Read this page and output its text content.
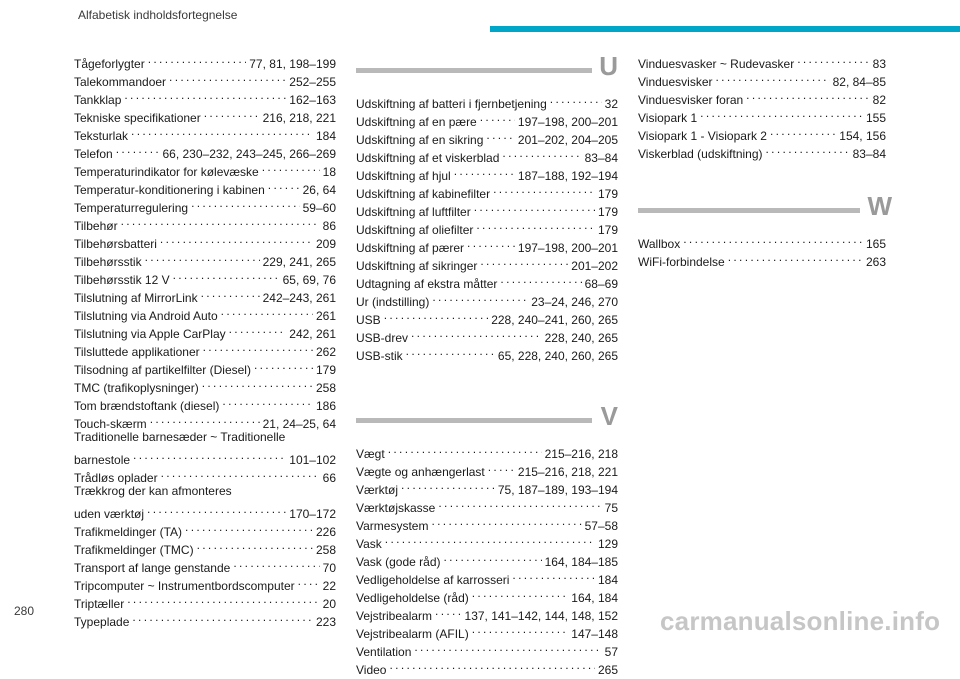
Alfabetisk indholdsfortegnelse
Tågeforlygter . . .	77, 81, 198–199
Talekommandoer . . .	252–255
Tankklap . . .	162–163
Tekniske specifikationer . . .	216, 218, 221
Teksturlak . . .	184
Telefon . . .	66, 230–232, 243–245, 266–269
Temperaturindikator for kølevæske . . .	18
Temperatur-konditionering i kabinen . . .	26, 64
Temperaturregulering . . .	59–60
Tilbehør . . .	86
Tilbehørsbatteri . . .	209
Tilbehørsstik . . .	229, 241, 265
Tilbehørsstik 12 V . . .	65, 69, 76
Tilslutning af MirrorLink . . .	242–243, 261
Tilslutning via Android Auto . . .	261
Tilslutning via Apple CarPlay . . .	242, 261
Tilsluttede applikationer . . .	262
Tilsodning af partikelfilter (Diesel) . . .	179
TMC (trafikoplysninger) . . .	258
Tom brændstoftank (diesel) . . .	186
Touch-skærm . . .	21, 24–25, 64
Traditionelle barnesæder ~ Traditionelle
barnestole . . .	101–102
Trådløs oplader . . .	66
Trækkrog der kan afmonteres
uden værktøj . . .	170–172
Trafikmeldinger (TA) . . .	226
Trafikmeldinger (TMC) . . .	258
Transport af lange genstande . . .	70
Tripcomputer ~ Instrumentbordscomputer . . . 22
Triptæller . . .	20
Typeplade . . .	223
U
Udskiftning af batteri i fjernbetjening . . .	32
Udskiftning af en pære . . .	197–198, 200–201
Udskiftning af en sikring . . .	201–202, 204–205
Udskiftning af et viskerblad . . .	83–84
Udskiftning af hjul . . .	187–188, 192–194
Udskiftning af kabinefilter . . .	179
Udskiftning af luftfilter . . .	179
Udskiftning af oliefilter . . .	179
Udskiftning af pærer . . .	197–198, 200–201
Udskiftning af sikringer . . .	201–202
Udtagning af ekstra måtter . . .	68–69
Ur (indstilling) . . .	23–24, 246, 270
USB . . .	228, 240–241, 260, 265
USB-drev . . .	228, 240, 265
USB-stik . . .	65, 228, 240, 260, 265
V
Vægt . . .	215–216, 218
Vægte og anhængerlast . . .	215–216, 218, 221
Værktøj . . .	75, 187–189, 193–194
Værktøjskasse . . .	75
Varmesystem . . .	57–58
Vask . . .	129
Vask (gode råd) . . .	164, 184–185
Vedligeholdelse af karrosseri . . .	184
Vedligeholdelse (råd) . . .	164, 184
Vejstribealarm . . .	137, 141–142, 144, 148, 152
Vejstribealarm (AFIL) . . .	147–148
Ventilation . . .	57
Video . . .	265
Vinduesvasker ~ Rudevasker . . .	83
Vinduesvisker . . .	82, 84–85
Vinduesvisker foran . . .	82
Visiopark 1 . . .	155
Visiopark 1 - Visiopark 2 . . .	154, 156
Viskerblad (udskiftning) . . .	83–84
W
Wallbox . . .	165
WiFi-forbindelse . . .	263
280	carmanualsonline.info
